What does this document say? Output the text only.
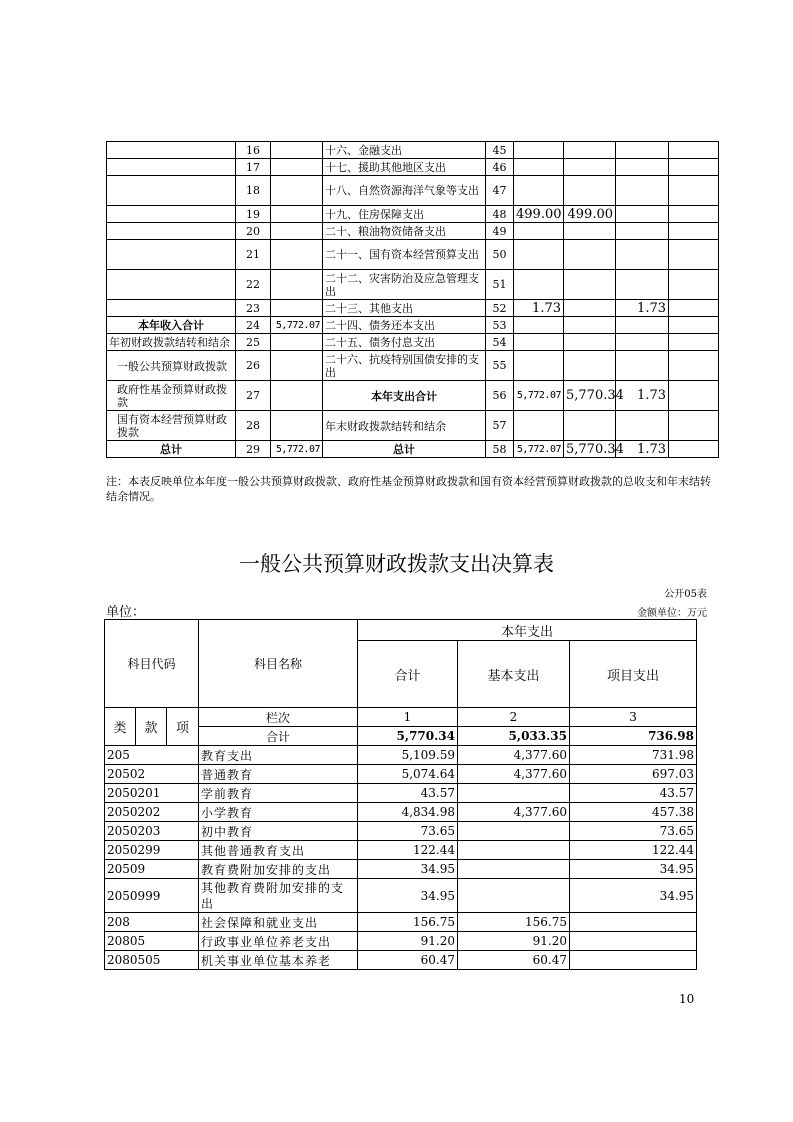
	16		十六、金融支出	45				
	17		十七、援助其他地区支出	46				
	18		十八、自然资源海洋气象等支出	47				
	19		十九、住房保障支出	48	499.00	499.00		
	20		二十、粮油物资储备支出	49				
	21		二十一、国有资本经营预算支出	50				
	22		二十二、灾害防治及应急管理支出	51				
	23		二十三、其他支出	52	1.73		1.73	
本年收入合计	24	5,772.07	二十四、债务还本支出	53				
年初财政拨款结转和结余	25		二十五、债务付息支出	54				
一般公共预算财政拨款	26		二十六、抗疫特别国债安排的支出	55				
政府性基金预算财政拨款	27		本年支出合计	56	5,772.07	5,770.34	1.73	
国有资本经营预算财政拨款	28		年末财政拨款结转和结余	57				
总计	29	5,772.07	总计	58	5,772.07	5,770.34	1.73	
注：本表反映单位本年度一般公共预算财政拨款、政府性基金预算财政拨款和国有资本经营预算财政拨款的总收支和年末结转结余情况。
一般公共预算财政拨款支出决算表
公开05表
单位：	金额单位：万元
科目代码			科目名称	本年支出		
				合计	基本支出	项目支出
类	款	项	栏次	1	2	3
			合计	5,770.34	5,033.35	736.98
205			教育支出	5,109.59	4,377.60	731.98
20502			普通教育	5,074.64	4,377.60	697.03
2050201			学前教育	43.57		43.57
2050202			小学教育	4,834.98	4,377.60	457.38
2050203			初中教育	73.65		73.65
2050299			其他普通教育支出	122.44		122.44
20509			教育费附加安排的支出	34.95		34.95
2050999			其他教育费附加安排的支出	34.95		34.95
208			社会保障和就业支出	156.75	156.75	
20805			行政事业单位养老支出	91.20	91.20	
2080505			机关事业单位基本养老	60.47	60.47	
10
